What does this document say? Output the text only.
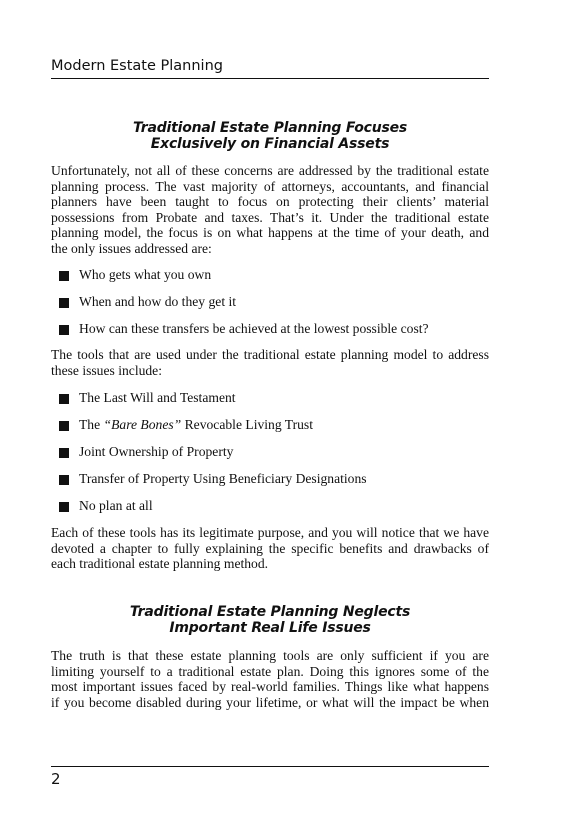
Modern Estate Planning
Traditional Estate Planning Focuses
Exclusively on Financial Assets

Unfortunately, not all of these concerns are addressed by the traditional estate
planning process. The vast majority of attorneys, accountants, and financial
planners have been taught to focus on protecting their clients’ material
possessions from Probate and taxes. That’s it. Under the traditional estate
planning model, the focus is on what happens at the time of your death, and
the only issues addressed are:

Who gets what you own
When and how do they get it
How can these transfers be achieved at the lowest possible cost?

The tools that are used under the traditional estate planning model to address
these issues include:

The Last Will and Testament
The “Bare Bones” Revocable Living Trust
Joint Ownership of Property
Transfer of Property Using Beneficiary Designations
No plan at all

Each of these tools has its legitimate purpose, and you will notice that we have
devoted a chapter to fully explaining the specific benefits and drawbacks of
each traditional estate planning method.

Traditional Estate Planning Neglects
Important Real Life Issues

The truth is that these estate planning tools are only sufficient if you are
limiting yourself to a traditional estate plan. Doing this ignores some of the
most important issues faced by real-world families. Things like what happens
if you become disabled during your lifetime, or what will the impact be when

2
